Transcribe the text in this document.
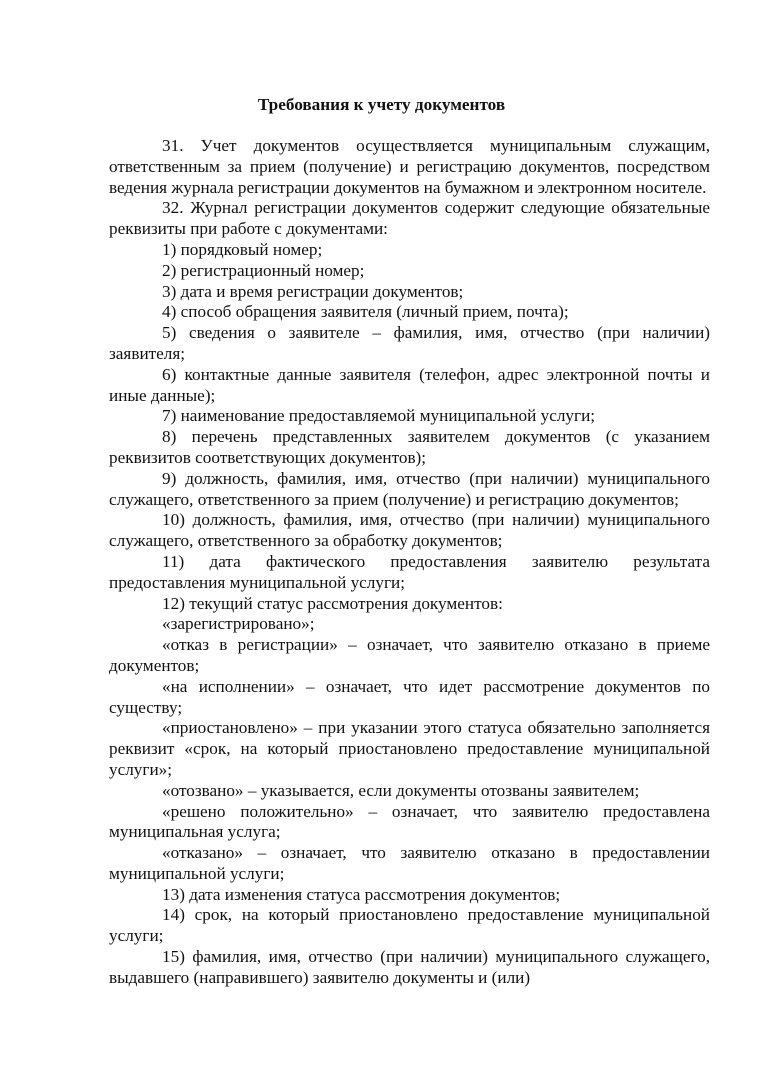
Требования к учету документов

31. Учет документов осуществляется муниципальным служащим, ответственным за прием (получение) и регистрацию документов, посредством ведения журнала регистрации документов на бумажном и электронном носителе.

32. Журнал регистрации документов содержит следующие обязательные реквизиты при работе с документами:

1) порядковый номер;

2) регистрационный номер;

3) дата и время регистрации документов;

4) способ обращения заявителя (личный прием, почта);

5) сведения о заявителе – фамилия, имя, отчество (при наличии) заявителя;

6) контактные данные заявителя (телефон, адрес электронной почты и иные данные);

7) наименование предоставляемой муниципальной услуги;

8) перечень представленных заявителем документов (с указанием реквизитов соответствующих документов);

9) должность, фамилия, имя, отчество (при наличии) муниципального служащего, ответственного за прием (получение) и регистрацию документов;

10) должность, фамилия, имя, отчество (при наличии) муниципального служащего, ответственного за обработку документов;

11) дата фактического предоставления заявителю результата предоставления муниципальной услуги;

12) текущий статус рассмотрения документов:

«зарегистрировано»;

«отказ в регистрации» – означает, что заявителю отказано в приеме документов;

«на исполнении» – означает, что идет рассмотрение документов по существу;

«приостановлено» – при указании этого статуса обязательно заполняется реквизит «срок, на который приостановлено предоставление муниципальной услуги»;

«отозвано» – указывается, если документы отозваны заявителем;

«решено положительно» – означает, что заявителю предоставлена муниципальная услуга;

«отказано» – означает, что заявителю отказано в предоставлении муниципальной услуги;

13) дата изменения статуса рассмотрения документов;

14) срок, на который приостановлено предоставление муниципальной услуги;

15) фамилия, имя, отчество (при наличии) муниципального служащего, выдавшего (направившего) заявителю документы и (или)
